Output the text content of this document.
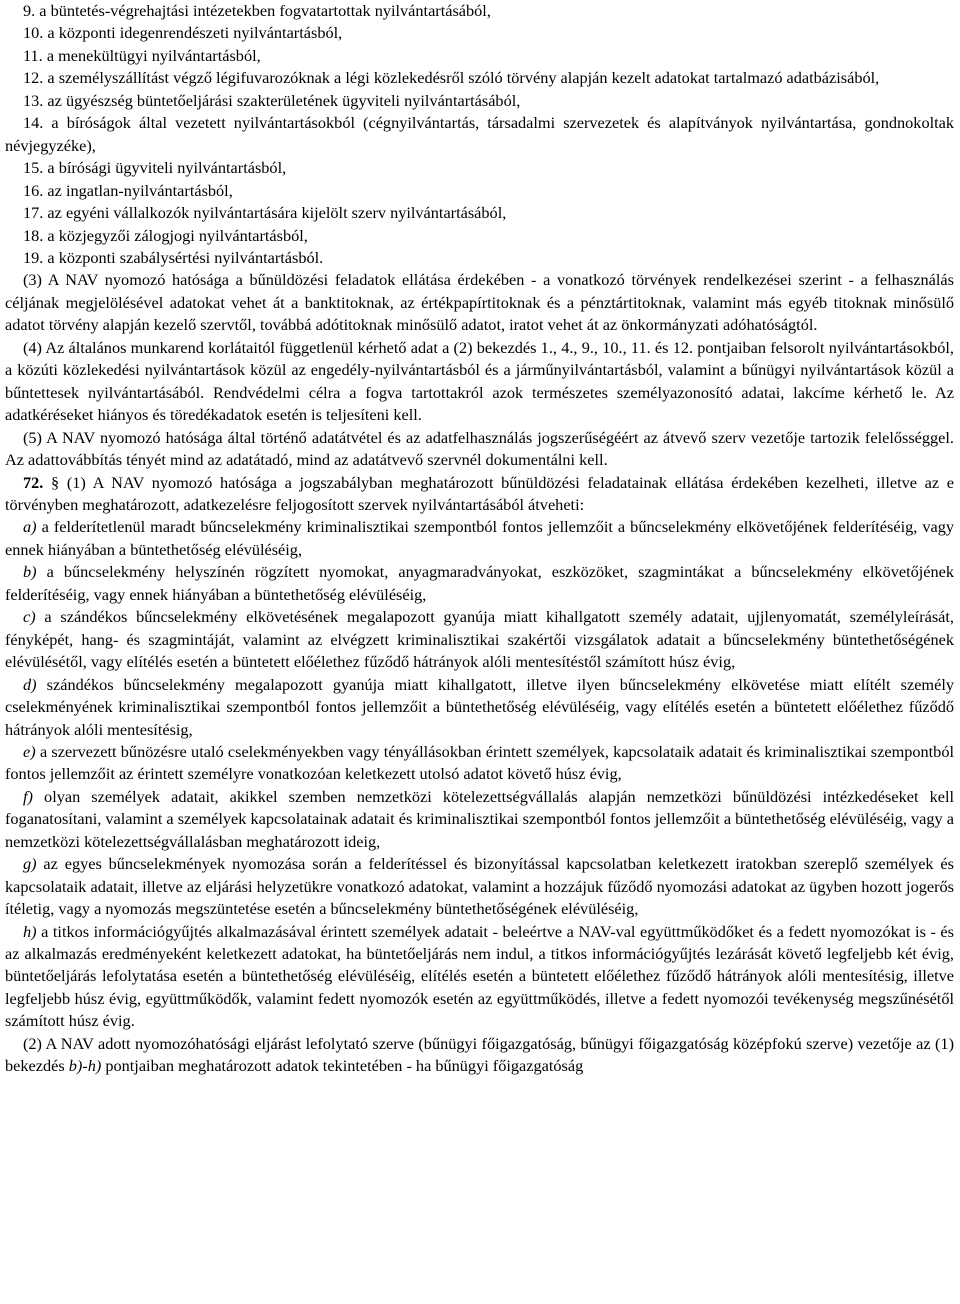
9. a büntetés-végrehajtási intézetekben fogvatartottak nyilvántartásából,

10. a központi idegenrendészeti nyilvántartásból,

11. a menekültügyi nyilvántartásból,

12. a személyszállítást végző légifuvarozóknak a légi közlekedésről szóló törvény alapján kezelt adatokat tartalmazó adatbázisából,

13. az ügyészség büntetőeljárási szakterületének ügyviteli nyilvántartásából,

14. a bíróságok által vezetett nyilvántartásokból (cégnyilvántartás, társadalmi szervezetek és alapítványok nyilvántartása, gondnokoltak névjegyzéke),

15. a bírósági ügyviteli nyilvántartásból,

16. az ingatlan-nyilvántartásból,

17. az egyéni vállalkozók nyilvántartására kijelölt szerv nyilvántartásából,

18. a közjegyzői zálogjogi nyilvántartásból,

19. a központi szabálysértési nyilvántartásból.

(3) A NAV nyomozó hatósága a bűnüldözési feladatok ellátása érdekében - a vonatkozó törvények rendelkezései szerint - a felhasználás céljának megjelölésével adatokat vehet át a banktitoknak, az értékpapírtitoknak és a pénztártitoknak, valamint más egyéb titoknak minősülő adatot törvény alapján kezelő szervtől, továbbá adótitoknak minősülő adatot, iratot vehet át az önkormányzati adóhatóságtól.

(4) Az általános munkarend korlátaitól függetlenül kérhető adat a (2) bekezdés 1., 4., 9., 10., 11. és 12. pontjaiban felsorolt nyilvántartásokból, a közúti közlekedési nyilvántartások közül az engedély-nyilvántartásból és a járműnyilvántartásból, valamint a bűnügyi nyilvántartások közül a bűntettesek nyilvántartásából. Rendvédelmi célra a fogva tartottakról azok természetes személyazonosító adatai, lakcíme kérhető le. Az adatkéréseket hiányos és töredékadatok esetén is teljesíteni kell.

(5) A NAV nyomozó hatósága által történő adatátvétel és az adatfelhasználás jogszerűségéért az átvevő szerv vezetője tartozik felelősséggel. Az adattovábbítás tényét mind az adatátadó, mind az adatátvevő szervnél dokumentálni kell.

72. § (1) A NAV nyomozó hatósága a jogszabályban meghatározott bűnüldözési feladatainak ellátása érdekében kezelheti, illetve az e törvényben meghatározott, adatkezelésre feljogosított szervek nyilvántartásából átveheti:

a) a felderítetlenül maradt bűncselekmény kriminalisztikai szempontból fontos jellemzőit a bűncselekmény elkövetőjének felderítéséig, vagy ennek hiányában a büntethetőség elévüléséig,

b) a bűncselekmény helyszínén rögzített nyomokat, anyagmaradványokat, eszközöket, szagmintákat a bűncselekmény elkövetőjének felderítéséig, vagy ennek hiányában a büntethetőség elévüléséig,

c) a szándékos bűncselekmény elkövetésének megalapozott gyanúja miatt kihallgatott személy adatait, ujjlenyomatát, személyleírását, fényképét, hang- és szagmintáját, valamint az elvégzett kriminalisztikai szakértői vizsgálatok adatait a bűncselekmény büntethetőségének elévülésétől, vagy elítélés esetén a büntetett előélethez fűződő hátrányok alóli mentesítéstől számított húsz évig,

d) szándékos bűncselekmény megalapozott gyanúja miatt kihallgatott, illetve ilyen bűncselekmény elkövetése miatt elítélt személy cselekményének kriminalisztikai szempontból fontos jellemzőit a büntethetőség elévüléséig, vagy elítélés esetén a büntetett előélethez fűződő hátrányok alóli mentesítésig,

e) a szervezett bűnözésre utaló cselekményekben vagy tényállásokban érintett személyek, kapcsolataik adatait és kriminalisztikai szempontból fontos jellemzőit az érintett személyre vonatkozóan keletkezett utolsó adatot követő húsz évig,

f) olyan személyek adatait, akikkel szemben nemzetközi kötelezettségvállalás alapján nemzetközi bűnüldözési intézkedéseket kell foganatosítani, valamint a személyek kapcsolatainak adatait és kriminalisztikai szempontból fontos jellemzőit a büntethetőség elévüléséig, vagy a nemzetközi kötelezettségvállalásban meghatározott ideig,

g) az egyes bűncselekmények nyomozása során a felderítéssel és bizonyítással kapcsolatban keletkezett iratokban szereplő személyek és kapcsolataik adatait, illetve az eljárási helyzetükre vonatkozó adatokat, valamint a hozzájuk fűződő nyomozási adatokat az ügyben hozott jogerős ítéletig, vagy a nyomozás megszüntetése esetén a bűncselekmény büntethetőségének elévüléséig,

h) a titkos információgyűjtés alkalmazásával érintett személyek adatait - beleértve a NAV-val együttműködőket és a fedett nyomozókat is - és az alkalmazás eredményeként keletkezett adatokat, ha büntetőeljárás nem indul, a titkos információgyűjtés lezárását követő legfeljebb két évig, büntetőeljárás lefolytatása esetén a büntethetőség elévüléséig, elítélés esetén a büntetett előélethez fűződő hátrányok alóli mentesítésig, illetve legfeljebb húsz évig, együttműködők, valamint fedett nyomozók esetén az együttműködés, illetve a fedett nyomozói tevékenység megszűnésétől számított húsz évig.

(2) A NAV adott nyomozóhatósági eljárást lefolytató szerve (bűnügyi főigazgatóság, bűnügyi főigazgatóság középfokú szerve) vezetője az (1) bekezdés b)-h) pontjaiban meghatározott adatok tekintetében - ha bűnügyi főigazgatóság
